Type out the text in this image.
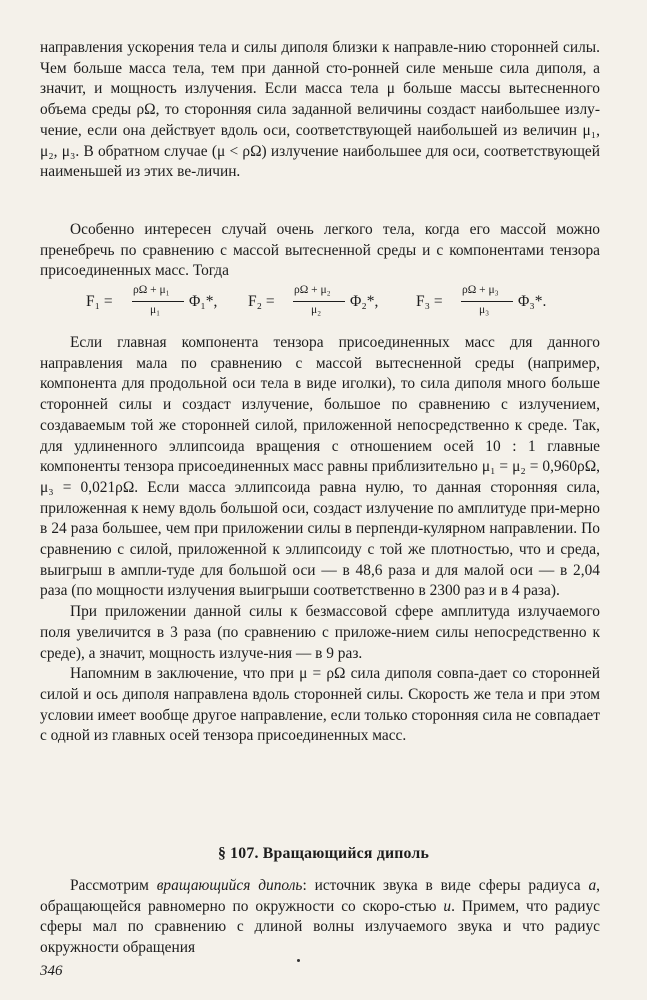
направления ускорения тела и силы диполя близки к направле-нию сторонней силы. Чем больше масса тела, тем при данной сто-ронней силе меньше сила диполя, а значит, и мощность излучения. Если масса тела μ больше массы вытесненного объема среды ρΩ, то сторонняя сила заданной величины создаст наибольшее излу-чение, если она действует вдоль оси, соответствующей наибольшей из величин μ₁, μ₂, μ₃. В обратном случае (μ < ρΩ) излучение наибольшее для оси, соответствующей наименьшей из этих ве-личин.

Особенно интересен случай очень легкого тела, когда его массой можно пренебречь по сравнению с массой вытесненной среды и с компонентами тензора присоединенных масс. Тогда

F₁ =
ρΩ + μ₁
μ₁ Φ₁*, F₂ =
ρΩ + μ₂
μ₂ Φ₂*, F₃ =
ρΩ + μ₃
μ₃ Φ₃*.

Если главная компонента тензора присоединенных масс для данного направления мала по сравнению с массой вытесненной среды (например, компонента для продольной оси тела в виде иголки), то сила диполя много больше сторонней силы и создаст излучение, большое по сравнению с излучением, создаваемым той же сторонней силой, приложенной непосредственно к среде. Так, для удлиненного эллипсоида вращения с отношением осей 10 : 1 главные компоненты тензора присоединенных масс равны приблизительно μ₁ = μ₂ = 0,960ρΩ, μ₃ = 0,021ρΩ. Если масса эллипсоида равна нулю, то данная сторонняя сила, приложенная к нему вдоль большой оси, создаст излучение по амплитуде при-мерно в 24 раза большее, чем при приложении силы в перпенди-кулярном направлении. По сравнению с силой, приложенной к эллипсоиду с той же плотностью, что и среда, выигрыш в ампли-туде для большой оси — в 48,6 раза и для малой оси — в 2,04 раза (по мощности излучения выигрыши соответственно в 2300 раз и в 4 раза).

При приложении данной силы к безмассовой сфере амплитуда излучаемого поля увеличится в 3 раза (по сравнению с приложе-нием силы непосредственно к среде), а значит, мощность излуче-ния — в 9 раз.

Напомним в заключение, что при μ = ρΩ сила диполя совпа-дает со сторонней силой и ось диполя направлена вдоль сторонней силы. Скорость же тела и при этом условии имеет вообще другое направление, если только сторонняя сила не совпадает с одной из главных осей тензора присоединенных масс.

§ 107. Вращающийся диполь

Рассмотрим вращающийся диполь: источник звука в виде сферы радиуса a, обращающейся равномерно по окружности со скоро-стью u. Примем, что радиус сферы мал по сравнению с длиной волны излучаемого звука и что радиус окружности обращения

346
